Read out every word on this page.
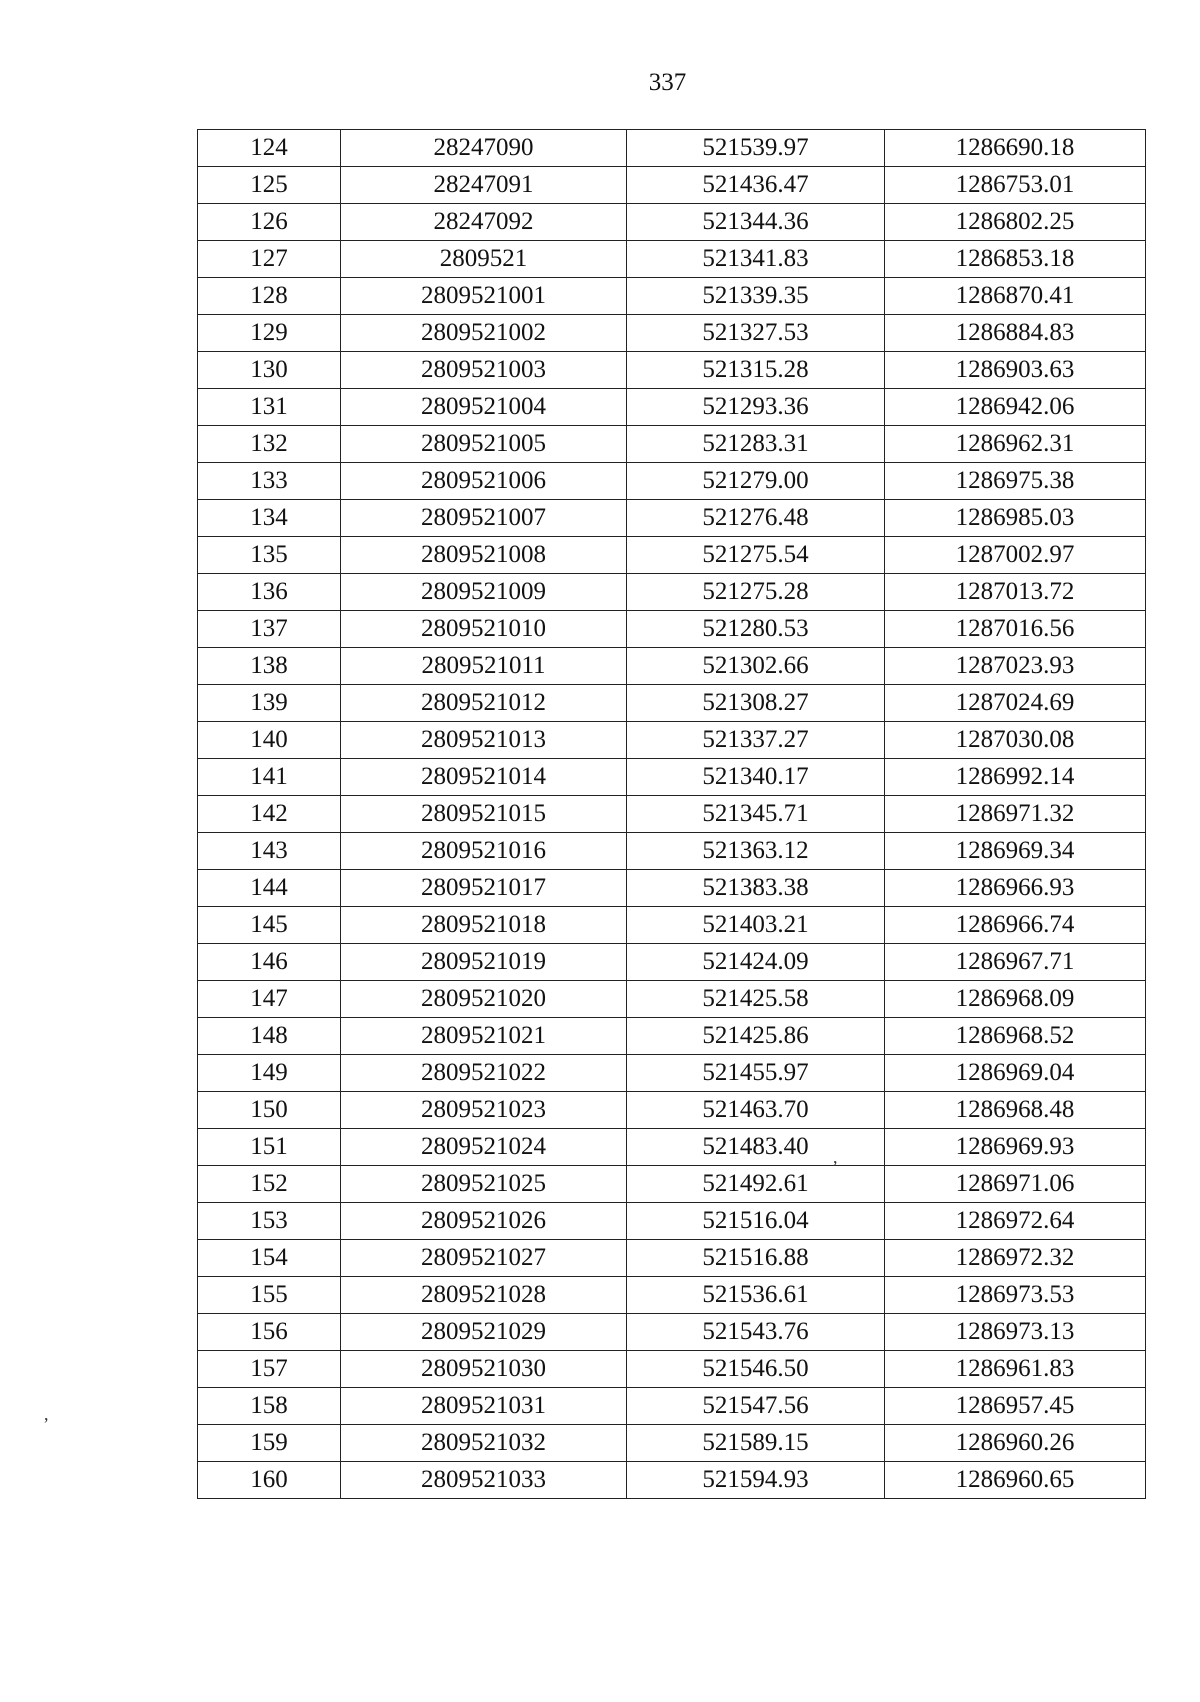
337
124	28247090	521539.97	1286690.18
125	28247091	521436.47	1286753.01
126	28247092	521344.36	1286802.25
127	2809521	521341.83	1286853.18
128	2809521001	521339.35	1286870.41
129	2809521002	521327.53	1286884.83
130	2809521003	521315.28	1286903.63
131	2809521004	521293.36	1286942.06
132	2809521005	521283.31	1286962.31
133	2809521006	521279.00	1286975.38
134	2809521007	521276.48	1286985.03
135	2809521008	521275.54	1287002.97
136	2809521009	521275.28	1287013.72
137	2809521010	521280.53	1287016.56
138	2809521011	521302.66	1287023.93
139	2809521012	521308.27	1287024.69
140	2809521013	521337.27	1287030.08
141	2809521014	521340.17	1286992.14
142	2809521015	521345.71	1286971.32
143	2809521016	521363.12	1286969.34
144	2809521017	521383.38	1286966.93
145	2809521018	521403.21	1286966.74
146	2809521019	521424.09	1286967.71
147	2809521020	521425.58	1286968.09
148	2809521021	521425.86	1286968.52
149	2809521022	521455.97	1286969.04
150	2809521023	521463.70	1286968.48
151	2809521024	521483.40	1286969.93
152	2809521025	521492.61	1286971.06
153	2809521026	521516.04	1286972.64
154	2809521027	521516.88	1286972.32
155	2809521028	521536.61	1286973.53
156	2809521029	521543.76	1286973.13
157	2809521030	521546.50	1286961.83
158	2809521031	521547.56	1286957.45
159	2809521032	521589.15	1286960.26
160	2809521033	521594.93	1286960.65
,
,
